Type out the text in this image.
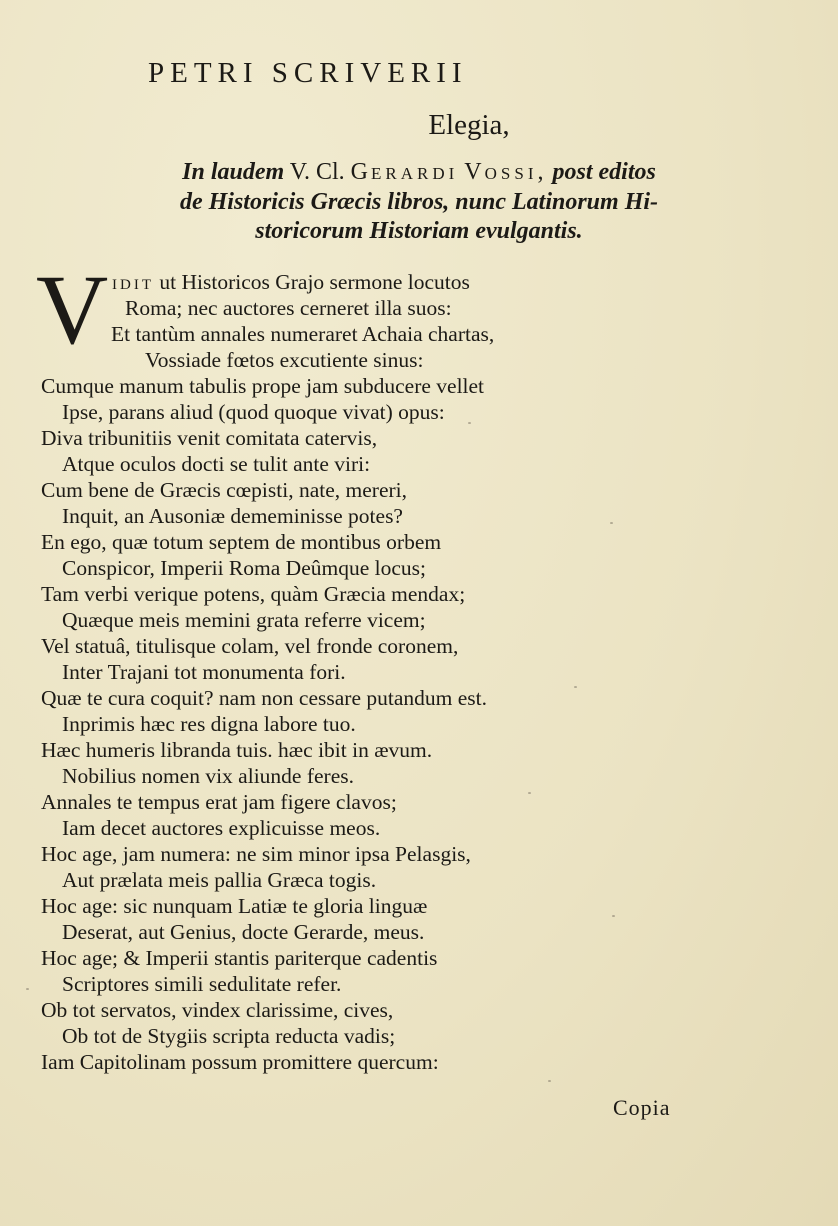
PETRI SCRIVERII
Elegia,
In laudem V. Cl. GERARDI VOSSI, post editos
de Historicis Græcis libros, nunc Latinorum Hi-
storicorum Historiam evulgantis.
V IDIT ut Historicos Grajo sermone locutos
Roma; nec auctores cerneret illa suos:
Et tantùm annales numeraret Achaia chartas,
Vossiade fœtos excutiente sinus:
Cumque manum tabulis prope jam subducere vellet
Ipse, parans aliud (quod quoque vivat) opus:
Diva tribunitiis venit comitata catervis,
Atque oculos docti se tulit ante viri:
Cum bene de Græcis cœpisti, nate, mereri,
Inquit, an Ausoniæ dememinisse potes?
En ego, quæ totum septem de montibus orbem
Conspicor, Imperii Roma Deûmque locus;
Tam verbi verique potens, quàm Græcia mendax;
Quæque meis memini grata referre vicem;
Vel statuâ, titulisque colam, vel fronde coronem,
Inter Trajani tot monumenta fori.
Quæ te cura coquit? nam non cessare putandum est.
Inprimis hæc res digna labore tuo.
Hæc humeris libranda tuis. hæc ibit in ævum.
Nobilius nomen vix aliunde feres.
Annales te tempus erat jam figere clavos;
Iam decet auctores explicuisse meos.
Hoc age, jam numera: ne sim minor ipsa Pelasgis,
Aut prælata meis pallia Græca togis.
Hoc age: sic nunquam Latiæ te gloria linguæ
Deserat, aut Genius, docte Gerarde, meus.
Hoc age; & Imperii stantis pariterque cadentis
Scriptores simili sedulitate refer.
Ob tot servatos, vindex clarissime, cives,
Ob tot de Stygiis scripta reducta vadis;
Iam Capitolinam possum promittere quercum:
Copia
